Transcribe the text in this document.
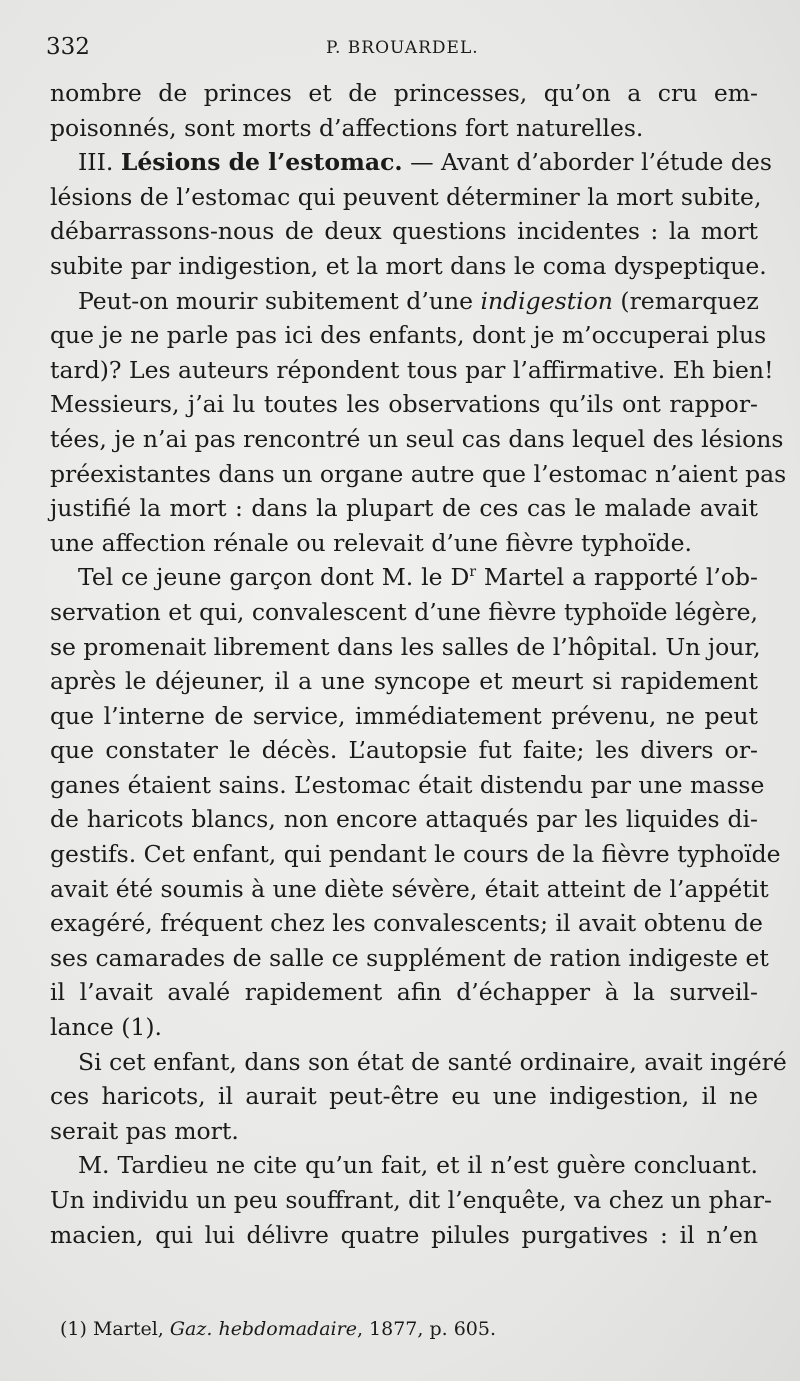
332	P. BROUARDEL.
nombre de princes et de princesses, qu’on a cru em-
poisonnés, sont morts d’affections fort naturelles.
III. Lésions de l’estomac. — Avant d’aborder l’étude des
lésions de l’estomac qui peuvent déterminer la mort subite,
débarrassons-nous de deux questions incidentes : la mort
subite par indigestion, et la mort dans le coma dyspeptique.
Peut-on mourir subitement d’une indigestion (remarquez
que je ne parle pas ici des enfants, dont je m’occuperai plus
tard)? Les auteurs répondent tous par l’affirmative. Eh bien!
Messieurs, j’ai lu toutes les observations qu’ils ont rappor-
tées, je n’ai pas rencontré un seul cas dans lequel des lésions
préexistantes dans un organe autre que l’estomac n’aient pas
justifié la mort : dans la plupart de ces cas le malade avait
une affection rénale ou relevait d’une fièvre typhoïde.
Tel ce jeune garçon dont M. le $D^r$ Martel a rapporté l’ob-
servation et qui, convalescent d’une fièvre typhoïde légère,
se promenait librement dans les salles de l’hôpital. Un jour,
après le déjeuner, il a une syncope et meurt si rapidement
que l’interne de service, immédiatement prévenu, ne peut
que constater le décès. L’autopsie fut faite; les divers or-
ganes étaient sains. L’estomac était distendu par une masse
de haricots blancs, non encore attaqués par les liquides di-
gestifs. Cet enfant, qui pendant le cours de la fièvre typhoïde
avait été soumis à une diète sévère, était atteint de l’appétit
exagéré, fréquent chez les convalescents; il avait obtenu de
ses camarades de salle ce supplément de ration indigeste et
il l’avait avalé rapidement afin d’échapper à la surveil-
lance (1).
Si cet enfant, dans son état de santé ordinaire, avait ingéré
ces haricots, il aurait peut-être eu une indigestion, il ne
serait pas mort.
M. Tardieu ne cite qu’un fait, et il n’est guère concluant.
Un individu un peu souffrant, dit l’enquête, va chez un phar-
macien, qui lui délivre quatre pilules purgatives : il n’en
(1) Martel, Gaz. hebdomadaire, 1877, p. 605.
